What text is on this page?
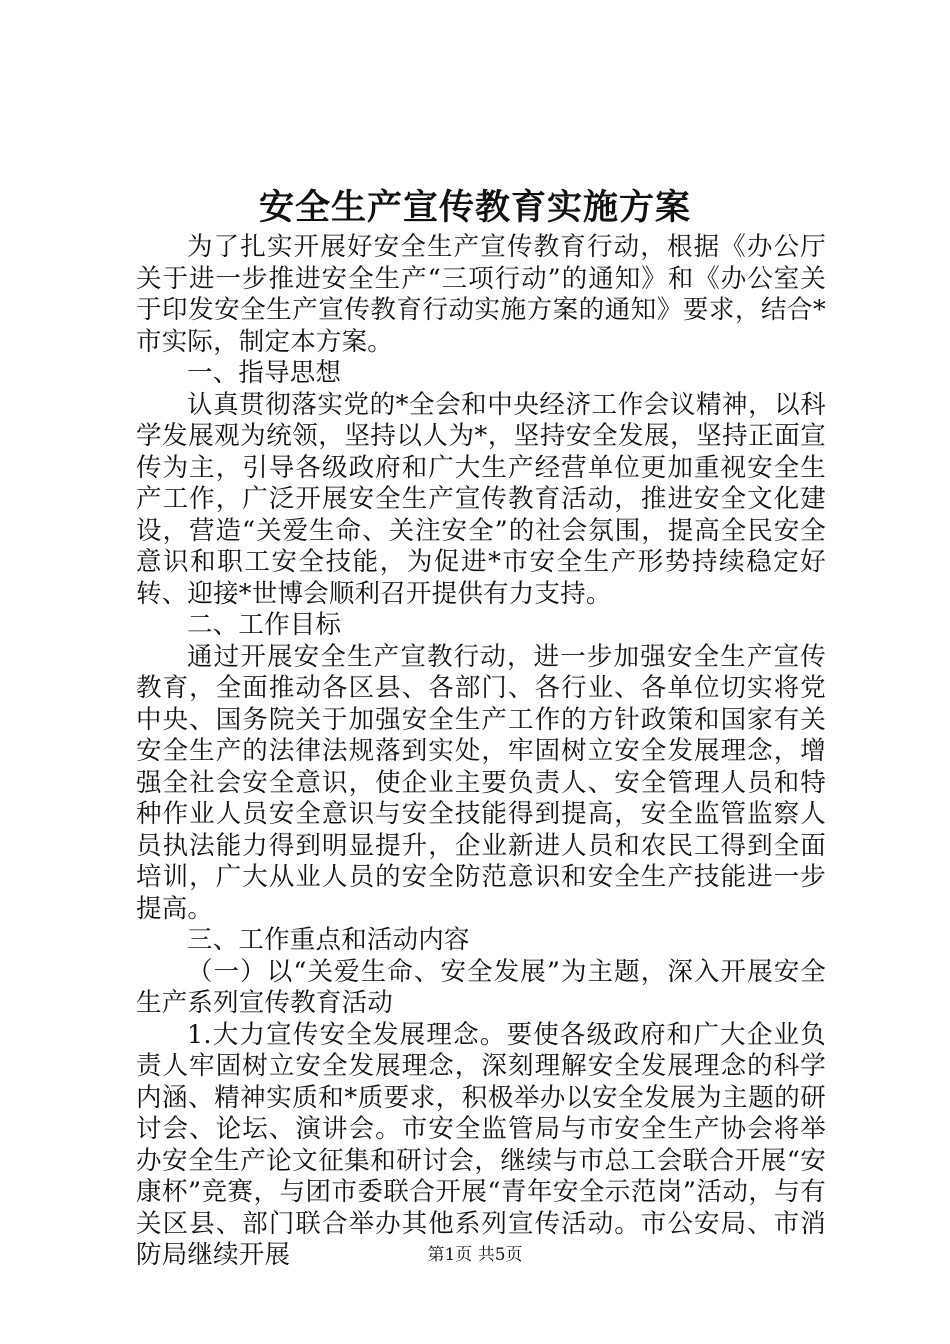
安全生产宣传教育实施方案

为了扎实开展好安全生产宣传教育行动，根据《办公厅关于进一步推进安全生产“三项行动”的通知》和《办公室关于印发安全生产宣传教育行动实施方案的通知》要求，结合*市实际，制定本方案。

一、指导思想

认真贯彻落实党的*全会和中央经济工作会议精神，以科学发展观为统领，坚持以人为*，坚持安全发展，坚持正面宣传为主，引导各级政府和广大生产经营单位更加重视安全生产工作，广泛开展安全生产宣传教育活动，推进安全文化建设，营造“关爱生命、关注安全”的社会氛围，提高全民安全意识和职工安全技能，为促进*市安全生产形势持续稳定好转、迎接*世博会顺利召开提供有力支持。

二、工作目标

通过开展安全生产宣教行动，进一步加强安全生产宣传教育，全面推动各区县、各部门、各行业、各单位切实将党中央、国务院关于加强安全生产工作的方针政策和国家有关安全生产的法律法规落到实处，牢固树立安全发展理念，增强全社会安全意识，使企业主要负责人、安全管理人员和特种作业人员安全意识与安全技能得到提高，安全监管监察人员执法能力得到明显提升，企业新进人员和农民工得到全面培训，广大从业人员的安全防范意识和安全生产技能进一步提高。

三、工作重点和活动内容

（一）以“关爱生命、安全发展”为主题，深入开展安全生产系列宣传教育活动

1.大力宣传安全发展理念。要使各级政府和广大企业负责人牢固树立安全发展理念，深刻理解安全发展理念的科学内涵、精神实质和*质要求，积极举办以安全发展为主题的研讨会、论坛、演讲会。市安全监管局与市安全生产协会将举办安全生产论文征集和研讨会，继续与市总工会联合开展“安康杯”竞赛，与团市委联合开展“青年安全示范岗”活动，与有关区县、部门联合举办其他系列宣传活动。市公安局、市消防局继续开展	第1页 共5页
